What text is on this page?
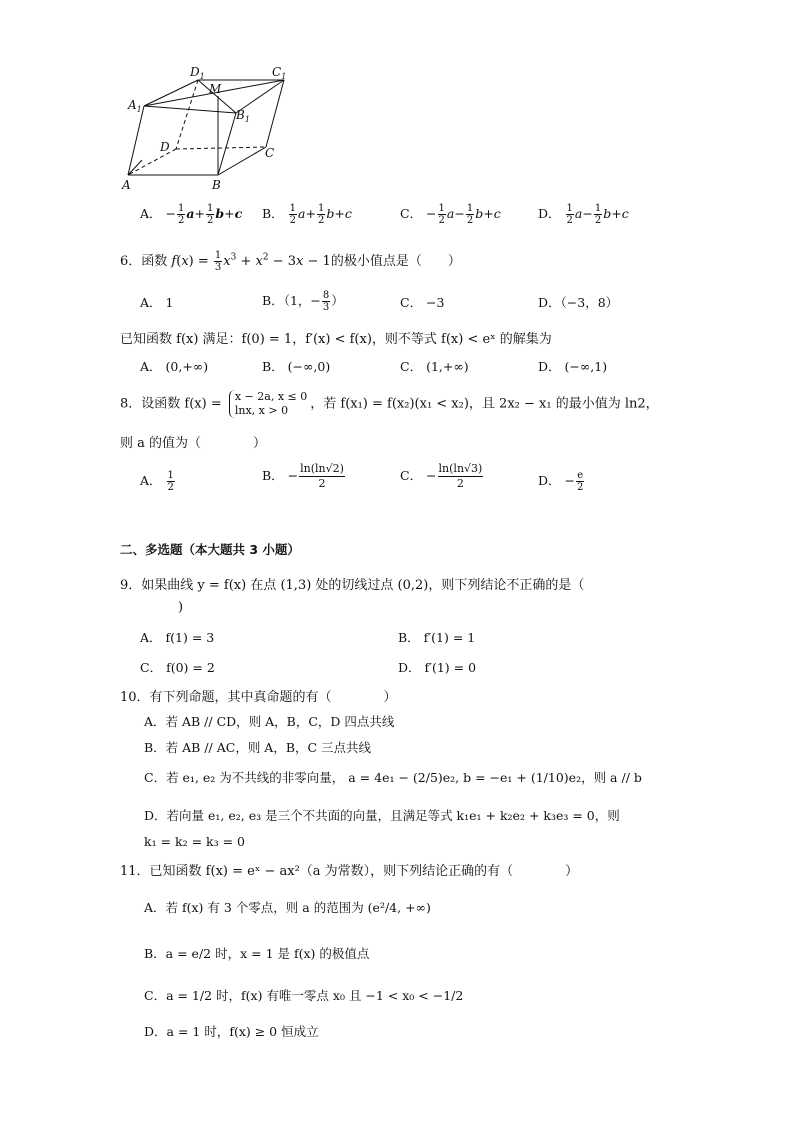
$D_1$	$C_1$
$A_1$	$B_1$
M
D	C
A	B
A． − $\frac{1}{2} a+ \frac{1}{2} b+c$ B． $\frac{1}{2} a+ \frac{1}{2} b+c$	C． − $\frac{1}{2} a- \frac{1}{2} b+c$	D． $\frac{1}{2} a- \frac{1}{2} b+c$
6．函数 $f(x) = \frac{1}{3} x^3 + x^2 - 3x - 1$的极小值点是（　　）
A． 1	B．（1，− $\frac{8}{3}$ ）	C． −3	D．（−3，8）
已知函数 f(x) 满足：f(0) = 1，f′(x) < f(x)，则不等式 f(x) < eˣ 的解集为
A． (0,+∞)	B． (−∞,0)	C． (1,+∞)	D． (−∞,1)
8．设函数 f(x) = x − 2a, x ≤ 0
lnx, x > 0	，若 f(x₁) = f(x₂)(x₁ < x₂)，且 2x₂ − x₁ 的最小值为 ln2，
则 a 的值为（　　　　）
A． $\frac{1}{2}$	B． − $\frac{\ln(\ln√2)}{2}$	C． − $\frac{\ln(\ln√3)}{2}$	D． − $\frac{e}{2}$
二、多选题（本大题共 3 小题）
9．如果曲线 y = f(x) 在点 (1,3) 处的切线过点 (0,2)，则下列结论不正确的是（
)
A． f(1) = 3	B． f′(1) = 1
C． f(0) = 2	D． f′(1) = 0
10．有下列命题，其中真命题的有（　　　　）
A．若 AB // CD，则 A，B，C，D 四点共线
B．若 AB // AC，则 A，B，C 三点共线
C．若 e₁, e₂ 为不共线的非零向量， a = 4e₁ − (2/5)e₂, b = −e₁ + (1/10)e₂，则 a // b
D．若向量 e₁, e₂, e₃ 是三个不共面的向量，且满足等式 k₁e₁ + k₂e₂ + k₃e₃ = 0，则
k₁ = k₂ = k₃ = 0
11．已知函数 f(x) = eˣ − ax²（a 为常数），则下列结论正确的有（　　　　）
A．若 f(x) 有 3 个零点，则 a 的范围为 (e²/4, +∞)
B．a = e/2 时，x = 1 是 f(x) 的极值点
C．a = 1/2 时，f(x) 有唯一零点 x₀ 且 −1 < x₀ < −1/2
D．a = 1 时，f(x) ≥ 0 恒成立
